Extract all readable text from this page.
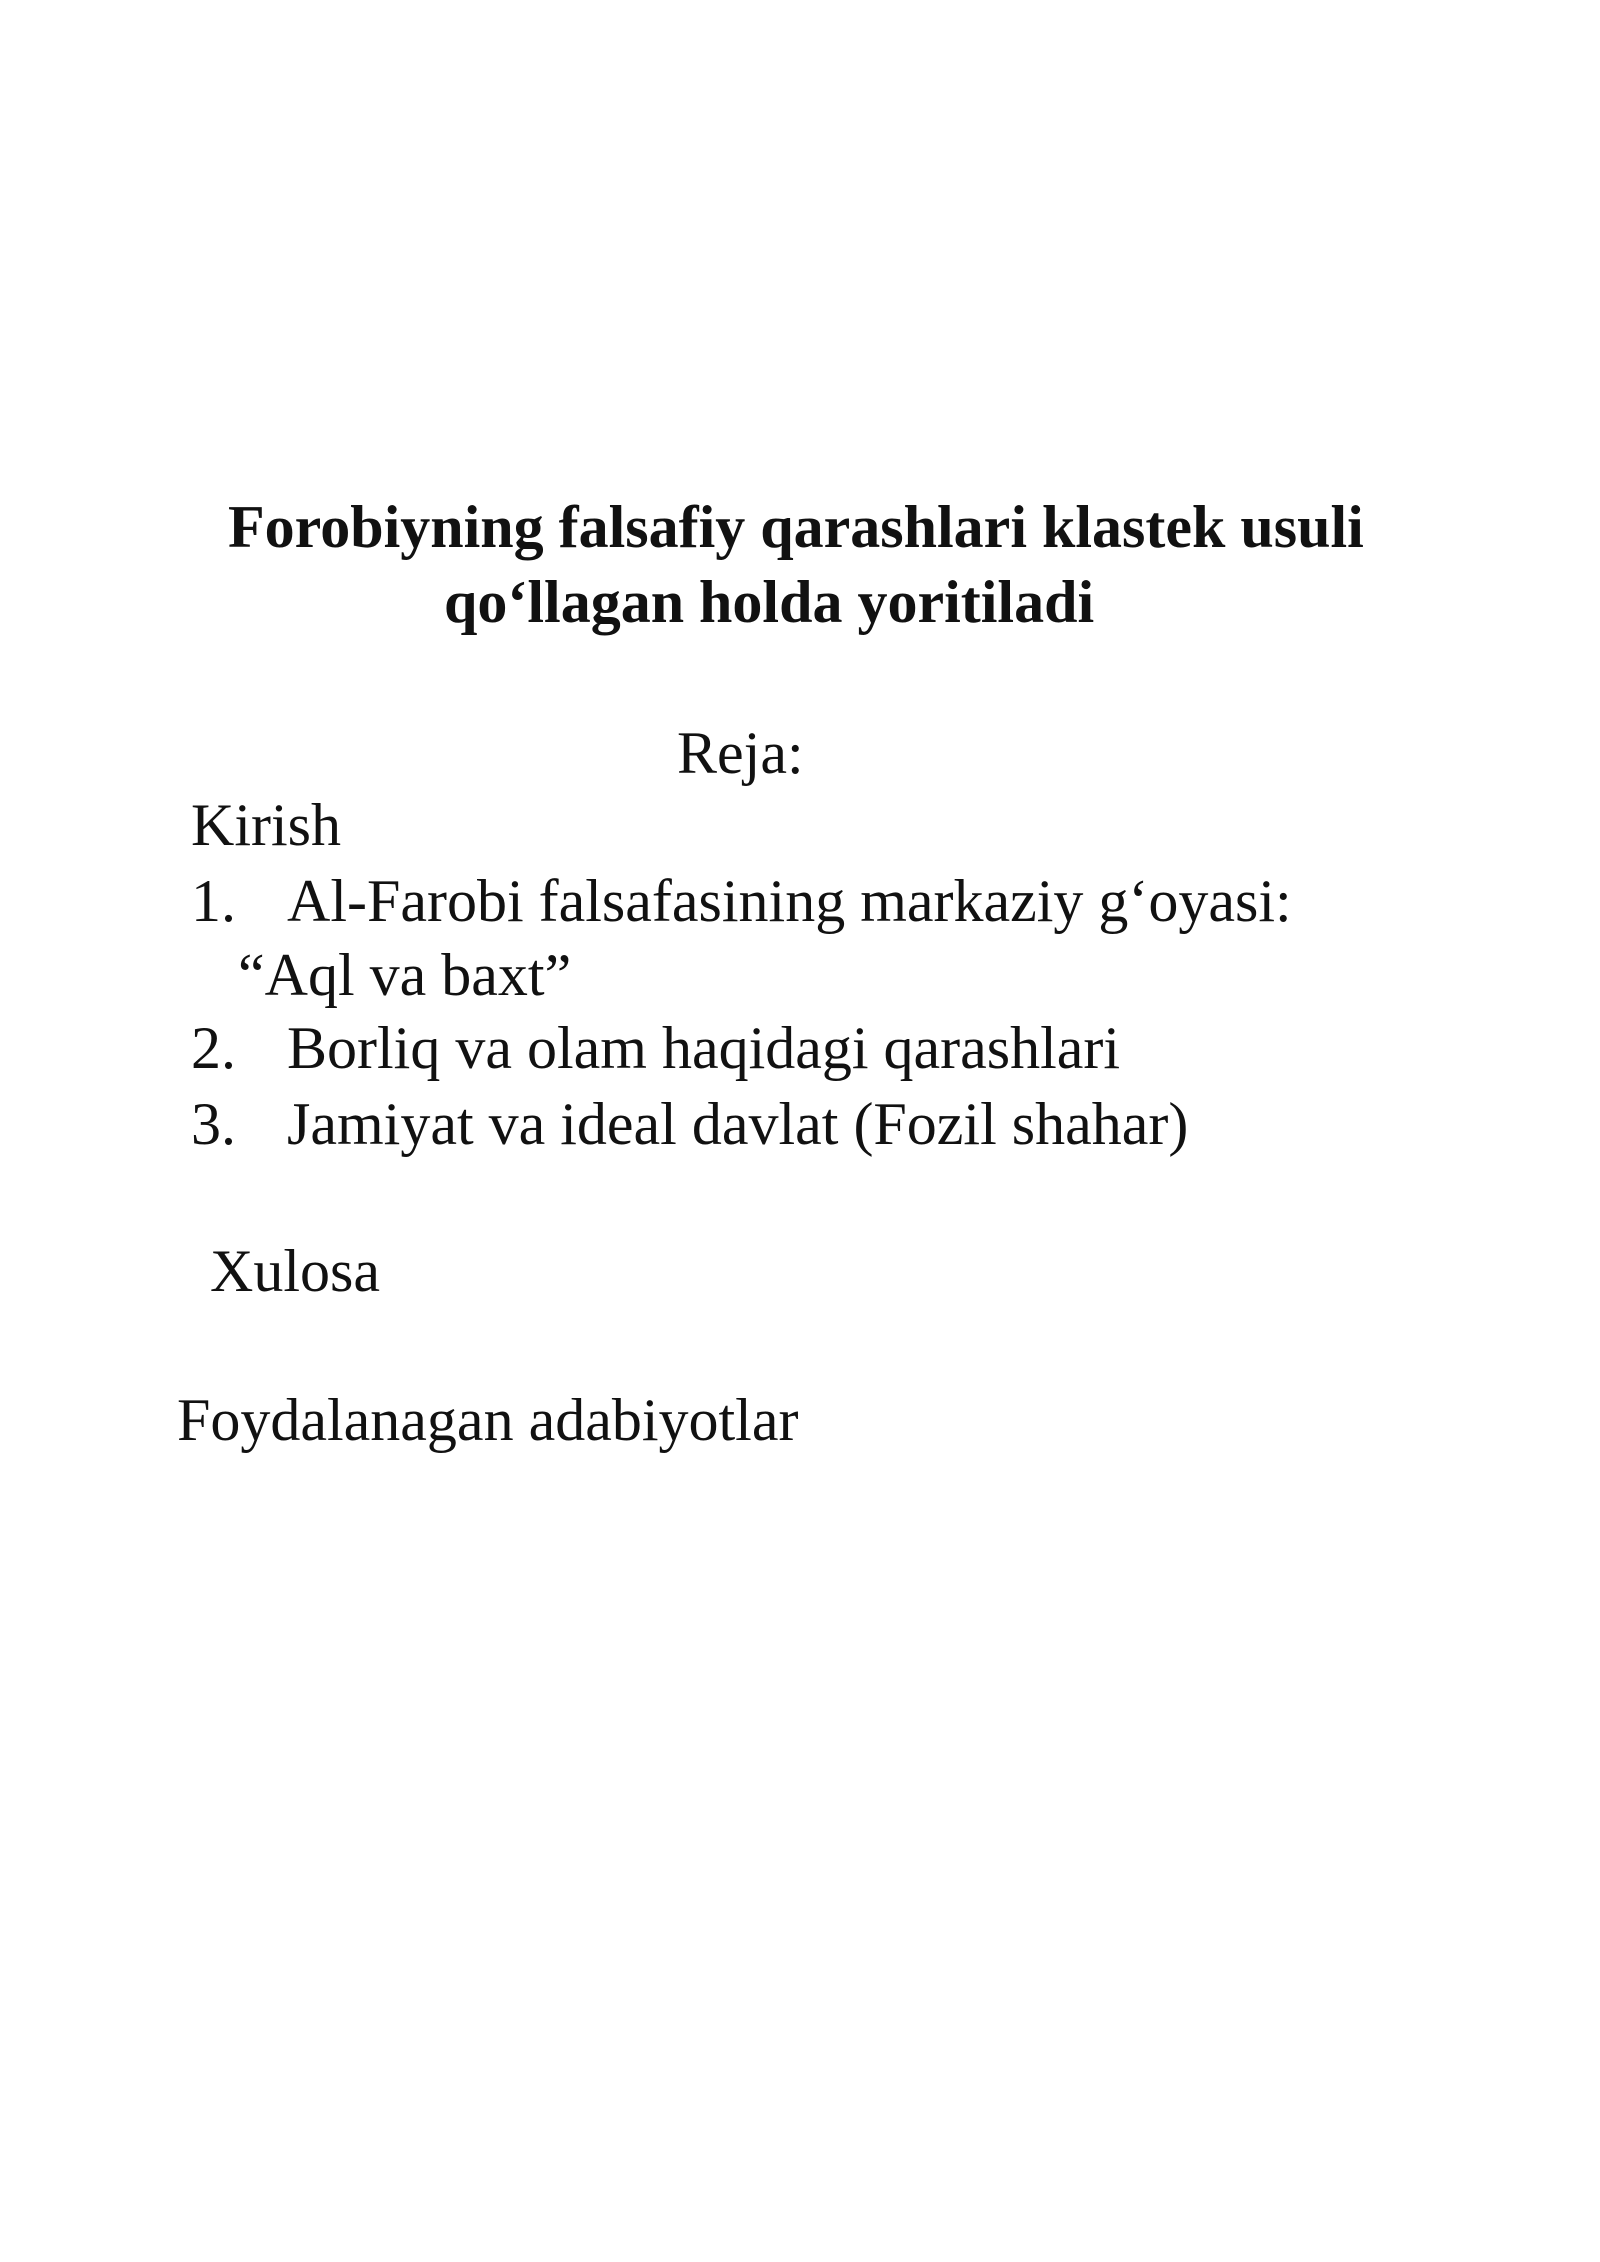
Forobiyning falsafiy qarashlari klastek usuli
qo‘llagan holda yoritiladi
Reja:
Kirish
1. Al-Farobi falsafasining markaziy g‘oyasi:
“Aql va baxt”
2. Borliq va olam haqidagi qarashlari
3. Jamiyat va ideal davlat (Fozil shahar)
Xulosa
Foydalanagan adabiyotlar
